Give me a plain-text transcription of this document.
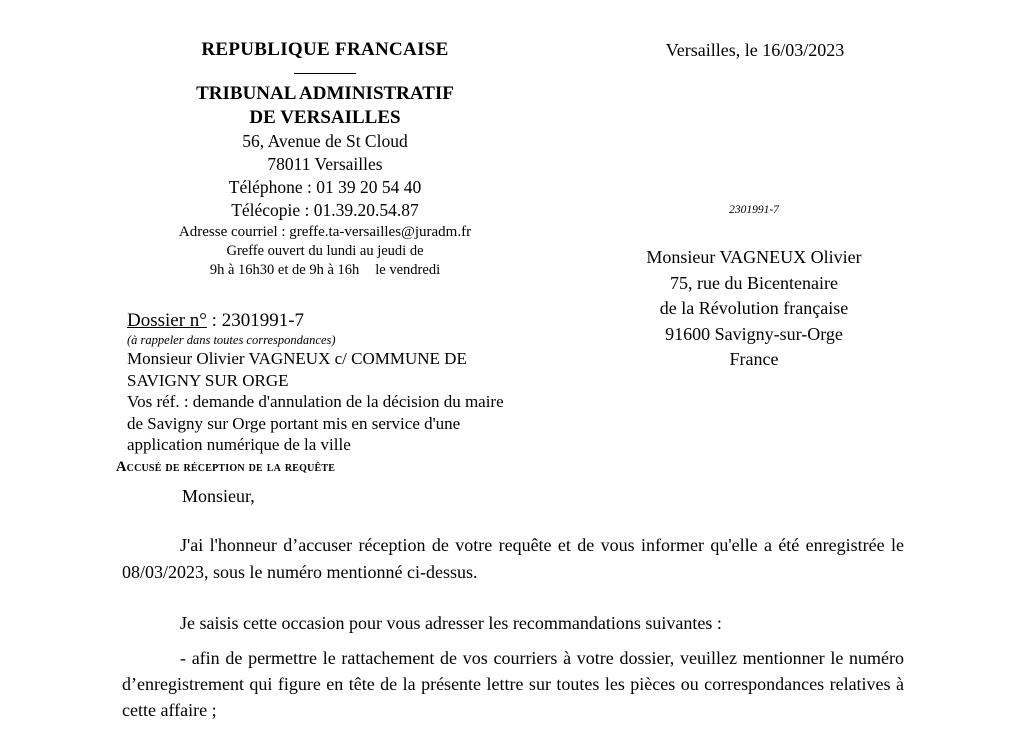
REPUBLIQUE FRANCAISE
TRIBUNAL ADMINISTRATIF
DE VERSAILLES
56, Avenue de St Cloud
78011 Versailles
Téléphone : 01 39 20 54 40
Télécopie : 01.39.20.54.87
Adresse courriel : greffe.ta-versailles@juradm.fr
Greffe ouvert du lundi au jeudi de
9h à 16h30 et de 9h à 16h le vendredi
Versailles, le 16/03/2023
2301991-7
Monsieur VAGNEUX Olivier
75, rue du Bicentenaire
de la Révolution française
91600 Savigny-sur-Orge
France
Dossier n° : 2301991-7
(à rappeler dans toutes correspondances)
Monsieur Olivier VAGNEUX c/ COMMUNE DE
SAVIGNY SUR ORGE
Vos réf. : demande d'annulation de la décision du maire
de Savigny sur Orge portant mis en service d'une
application numérique de la ville
Accusé de réception de la requête
Monsieur,
J'ai l'honneur d’accuser réception de votre requête et de vous informer qu'elle a été enregistrée le 08/03/2023, sous le numéro mentionné ci-dessus.
Je saisis cette occasion pour vous adresser les recommandations suivantes :
- afin de permettre le rattachement de vos courriers à votre dossier, veuillez mentionner le numéro d’enregistrement qui figure en tête de la présente lettre sur toutes les pièces ou correspondances relatives à cette affaire ;
